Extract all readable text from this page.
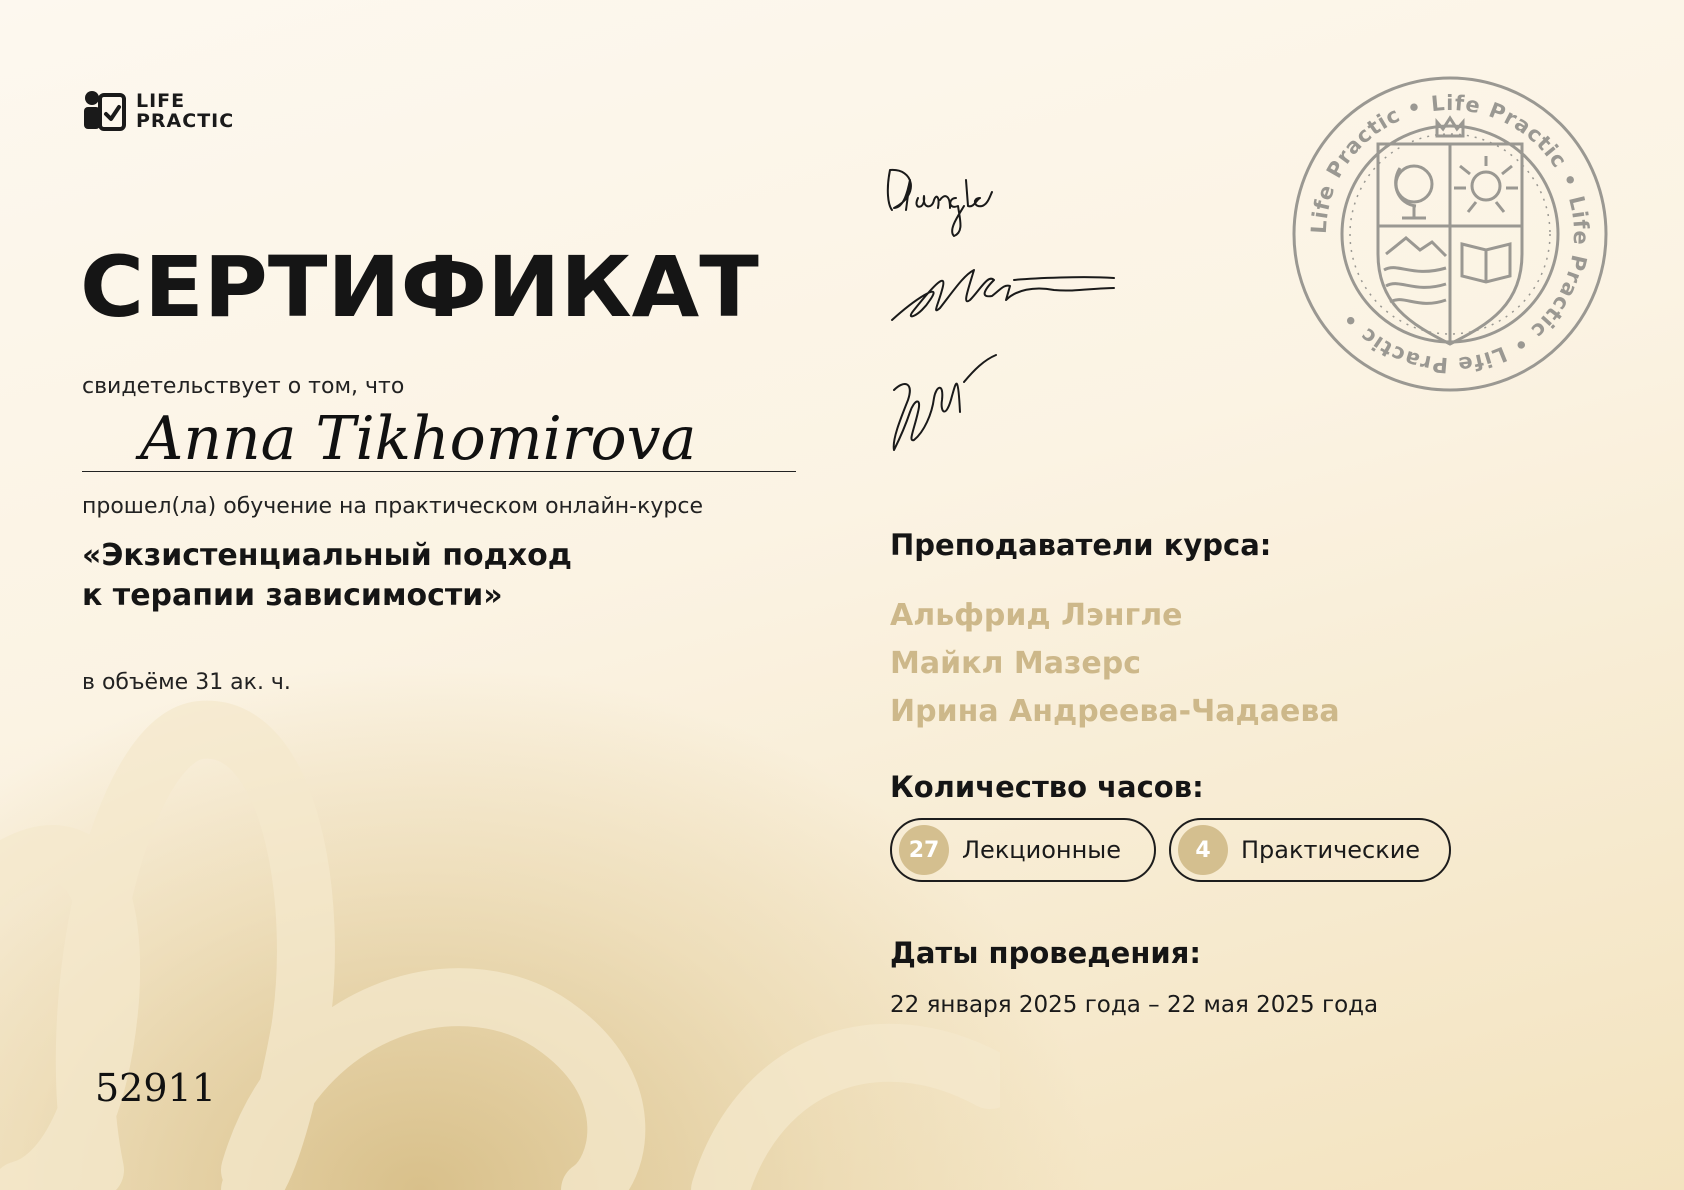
LIFE
PRACTIC
СЕРТИФИКАТ
свидетельствует о том, что
Anna Tikhomirova
прошел(ла) обучение на практическом онлайн-курсе
«Экзистенциальный подход
к терапии зависимости»
в объёме 31 ак. ч.
52911
Life Practic • Life Practic • Life Practic • Life Practic •
Преподаватели курса:
Альфрид Лэнгле
Майкл Мазерс
Ирина Андреева-Чадаева
Количество часов:
27 Лекционные	4	Практические
Даты проведения:
22 января 2025 года – 22 мая 2025 года
